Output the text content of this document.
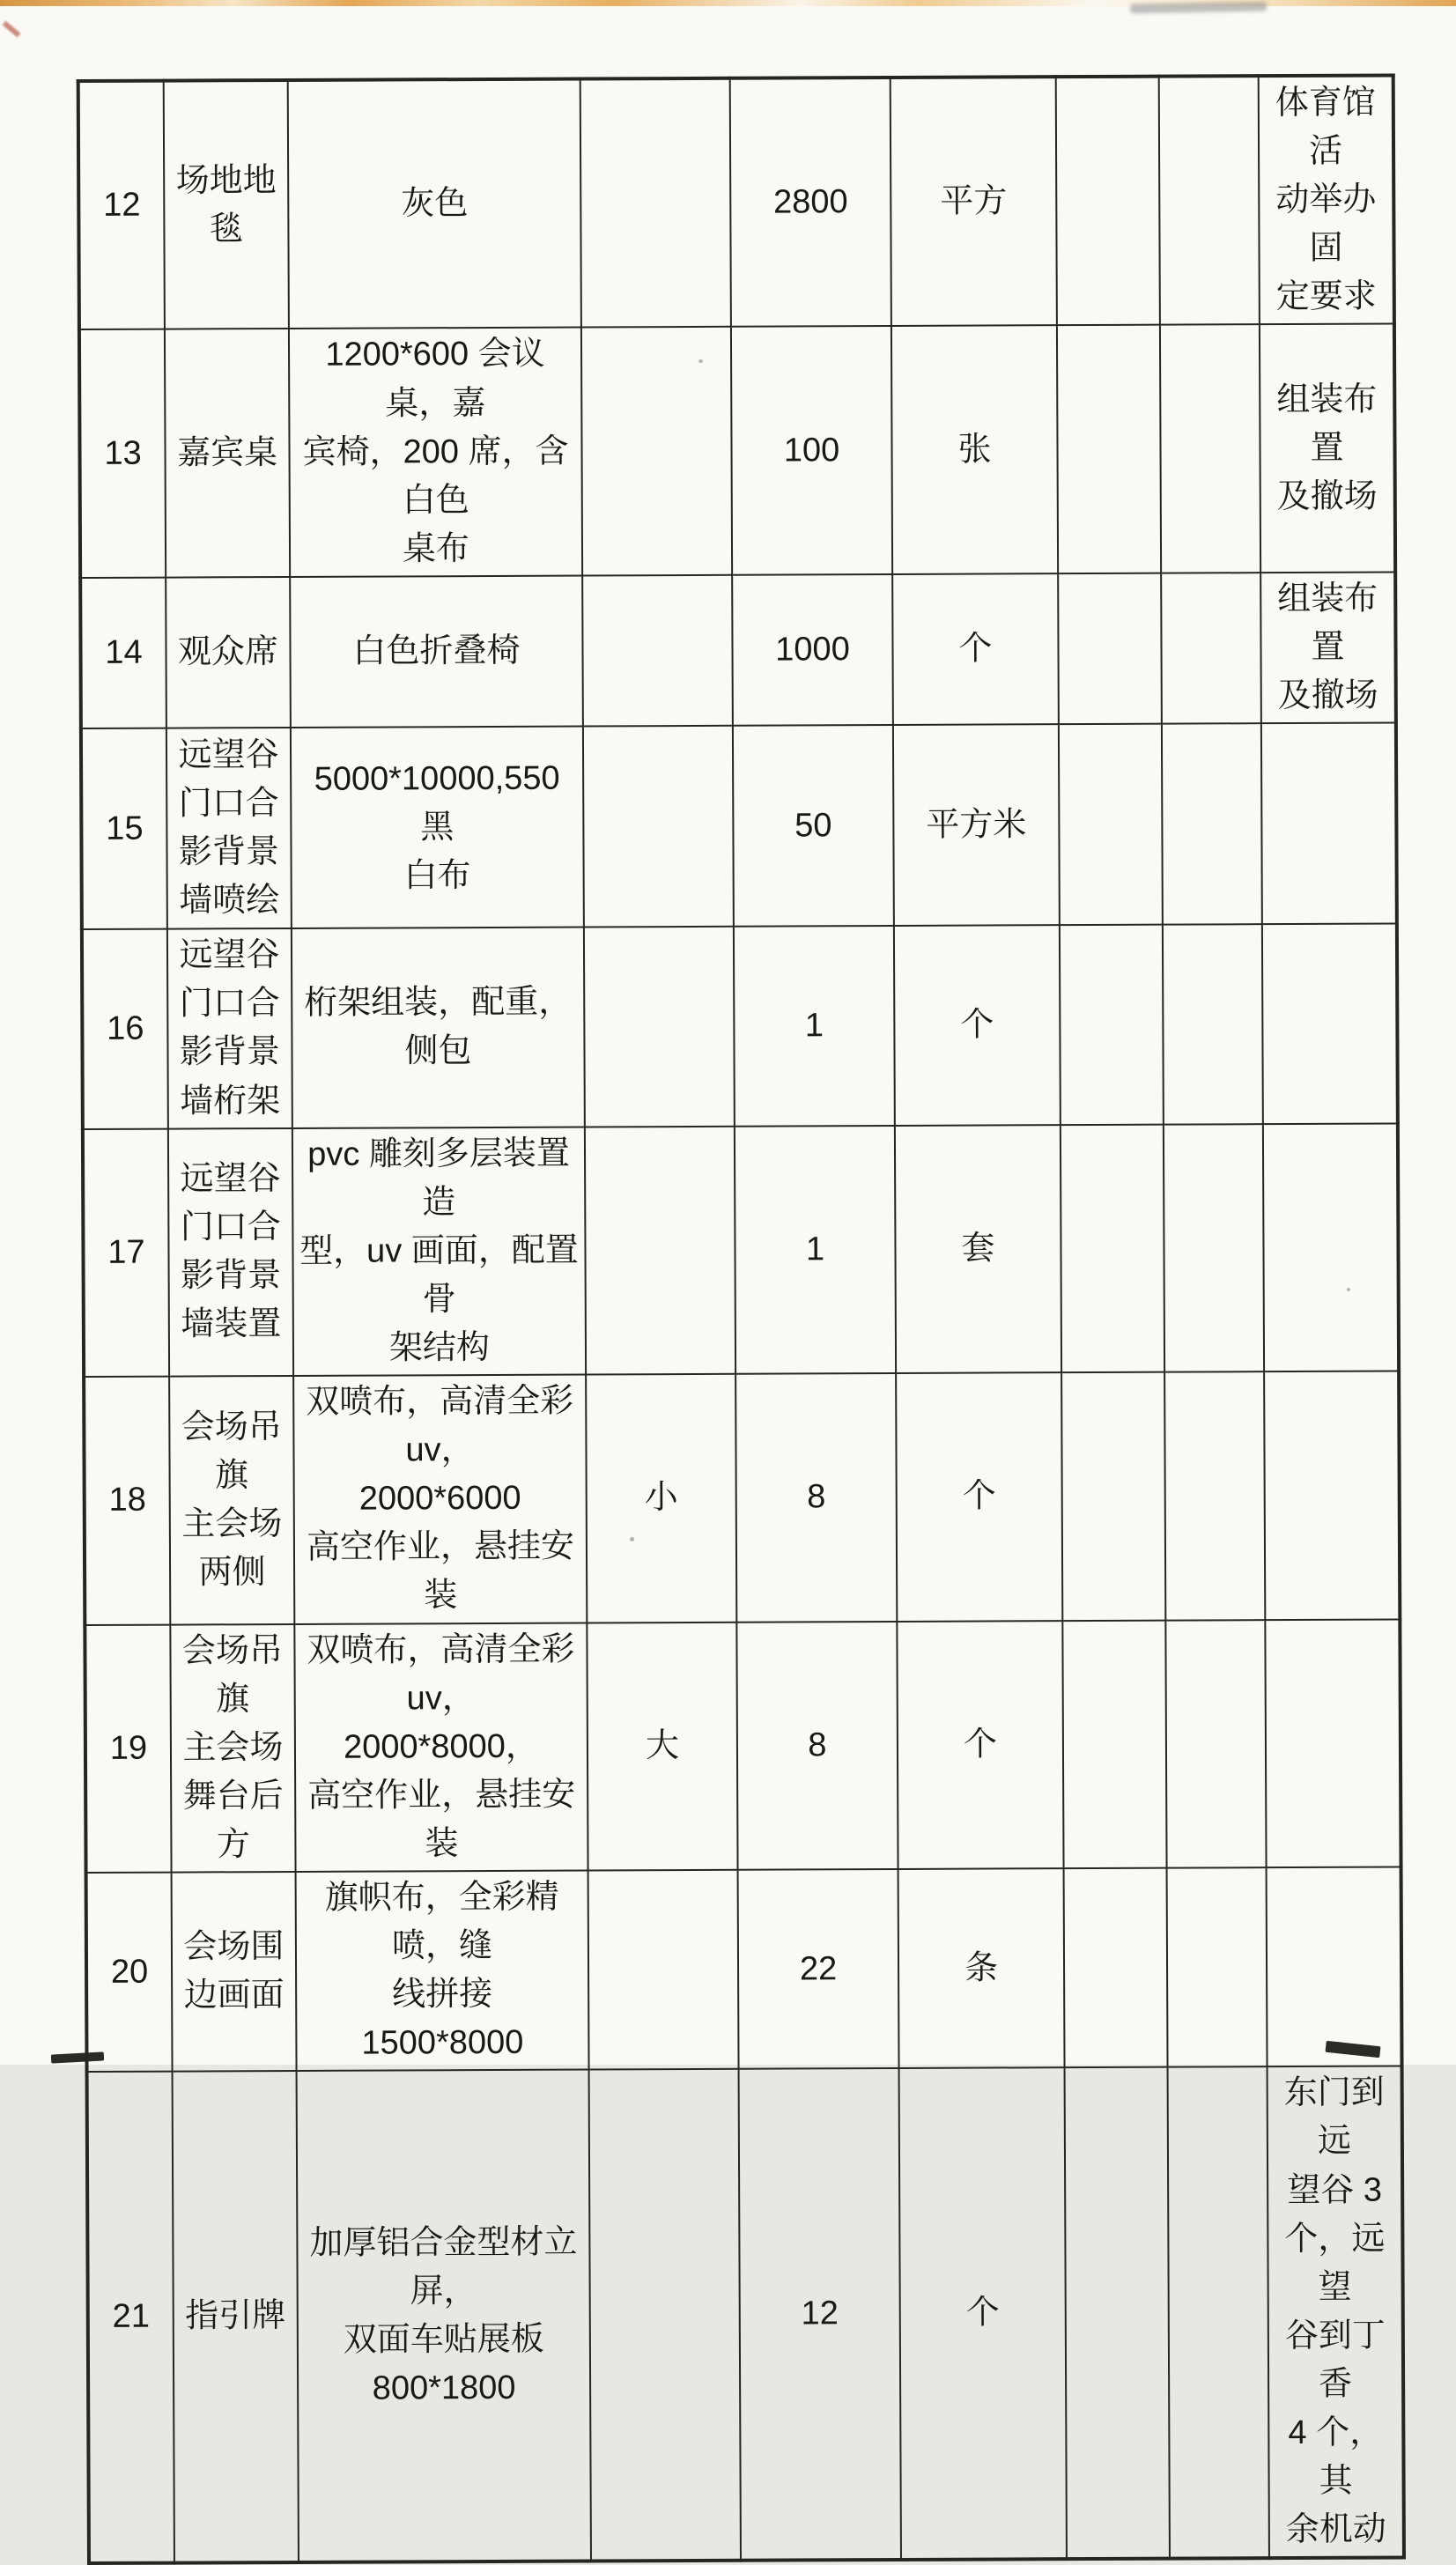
12	场地地
毯	灰色		2800	平方			体育馆活
动举办固
定要求
13	嘉宾桌	1200*600 会议桌，嘉
宾椅，200 席，含白色
桌布		100	张			组装布置
及撤场
14	观众席	白色折叠椅		1000	个			组装布置
及撤场
15	远望谷
门口合
影背景
墙喷绘	5000*10000,550 黑
白布		50	平方米			
16	远望谷
门口合
影背景
墙桁架	桁架组装，配重，侧包		1	个			
17	远望谷
门口合
影背景
墙装置	pvc 雕刻多层装置造
型，uv 画面，配置骨
架结构		1	套			
18	会场吊
旗
主会场
两侧	双喷布，高清全彩 uv，
2000*6000
高空作业，悬挂安装	小	8	个			
19	会场吊
旗
主会场
舞台后
方	双喷布，高清全彩 uv，
2000*8000，
高空作业，悬挂安装	大	8	个			
20	会场围
边画面	旗帜布，全彩精喷，缝
线拼接
1500*8000		22	条			
21	指引牌	加厚铝合金型材立屏，
双面车贴展板
800*1800		12	个			东门到远
望谷 3
个，远望
谷到丁香
4 个，其
余机动
